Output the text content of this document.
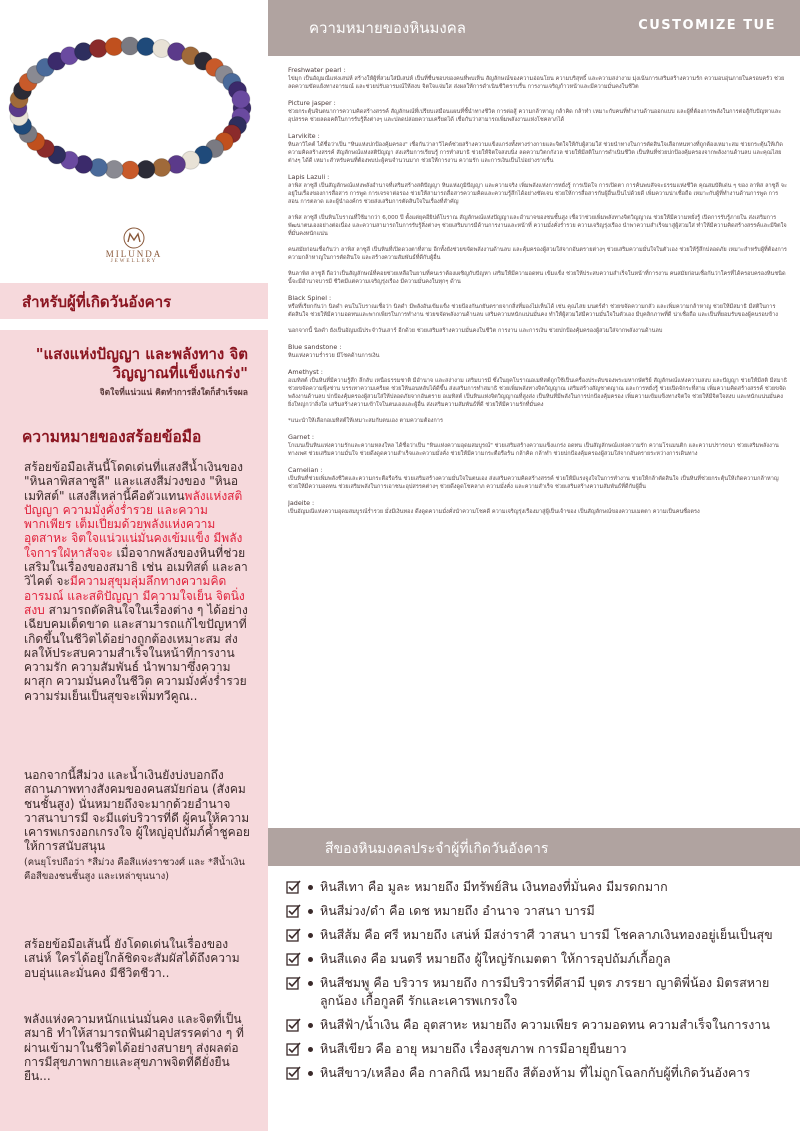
MILUNDA
JEWELLERY
สำหรับผู้ที่เกิดวันอังคาร
"แสงแห่งปัญญา และพลังทาง จิตวิญญาณที่แข็งแกร่ง"
จิตใจที่แน่วแน่ คิดทำการสิ่งใดก็สำเร็จผล
ความหมายของสร้อยข้อมือ
สร้อยข้อมือเส้นนี้โดดเด่นที่แสงสีน้ำเงินของ "หินลาพิสลาซูลี" และแสงสีม่วงของ "หินอเมทิสต์" แสงสีเหล่านี้คือตัวแทนพลังแห่งสติปัญญา ความมั่งคั่งร่ำรวย และความพากเพียร เต็มเปี่ยมด้วยพลังแห่งความอุตสาหะ จิตใจแน่วแน่มั่นคงเข้มแข็ง มีพลังใจการใฝ่หาสัจจะ เมื่อจากพลังของหินที่ช่วยเสริมในเรื่องของสมาธิ เช่น อเมทิสต์ และลาวิไคต์ จะมีความสุขุมลุ่มลึกทางความคิด อารมณ์ และสติปัญญา มีความใจเย็น จิตนิ่งสงบ สามารถตัดสินใจในเรื่องต่าง ๆ ได้อย่างเฉียบคมเด็ดขาด และสามารถแก้ไขปัญหาที่เกิดขึ้นในชีวิตได้อย่างถูกต้องเหมาะสม ส่งผลให้ประสบความสำเร็จในหน้าที่การงาน ความรัก ความสัมพันธ์ นำพามาซึ่งความผาสุก ความมั่นคงในชีวิต ความมั่งคั่งร่ำรวย ความร่มเย็นเป็นสุขจะเพิ่มทวีคูณ..
นอกจากนี้สีม่วง และน้ำเงินยังบ่งบอกถึงสถานภาพทางสังคมของคนสมัยก่อน (สังคมชนชั้นสูง) นั่นหมายถึงจะมากด้วยอำนาจ วาสนาบารมี จะมีแต่บริวารที่ดี ผู้คนให้ความเคารพเกรงอกเกรงใจ ผู้ใหญ่อุปถัมภ์ค้ำชูคอยให้การสนับสนุน
(คนยุโรปถือว่า *สีม่วง คือสีแห่งราชวงศ์ และ *สีน้ำเงิน คือสีของชนชั้นสูง และเหล่าขุนนาง)
สร้อยข้อมือเส้นนี้ ยังโดดเด่นในเรื่องของเสน่ห์ ใครได้อยู่ใกล้ชิดจะสัมผัสได้ถึงความอบอุ่นและมั่นคง มีชีวิตชีวา..
พลังแห่งความหนักแน่นมั่นคง และจิตที่เป็นสมาธิ ทำให้สามารถฟันฝ่าอุปสรรคต่าง ๆ ที่ผ่านเข้ามาในชีวิตได้อย่างสบายๆ ส่งผลต่อการมีสุขภาพกายและสุขภาพจิตที่ดียั่งยืนยืน...
ความหมายของหินมงคล	CUSTOMIZE TUE
Freshwater pearl :
ไข่มุก เป็นอัญมณีแห่งเสน่ห์ สร้างให้ผู้ที่สวมใส่มีเสน่ห์ เป็นที่ชื่นชอบของคนที่พบเห็น สัญลักษณ์ของความอ่อนโยน ความบริสุทธิ์ และความสง่างาม มุ่งเน้นการเสริมสร้างความรัก ความอบอุ่นภายในครอบครัว ช่วยลดความขัดแย้งทางอารมณ์ และช่วยปรับอารมณ์ให้สงบ จิตใจแจ่มใส ส่งผลให้การดำเนินชีวิตราบรื่น การงานเจริญก้าวหน้าและมีความมั่นคงในชีวิต
Picture jasper :
ช่วยกระตุ้นจินตนาการความคิดสร้างสรรค์ สัญลักษณ์ที่เปรียบเสมือนแผนที่ชี้นำทางชีวิต การต่อสู้ ความกล้าหาญ กล้าคิด กล้าทำ เหมาะกับคนที่ทำงานด้านออกแบบ และผู้ที่ต้องการพลังในการต่อสู้กับปัญหาและอุปสรรค ช่วยลดอคติในการรับรู้สิ่งต่างๆ และปลดปล่อยความเครียดได้ เชื่อกันว่าสามารถเพิ่มพลังงานแห่งโชคลาภได้
Larvikite :
หินลาวิไคต์ ได้ชื่อว่าเป็น "หินแห่งปกป้องคุ้มครอง" เชื่อกันว่าลาวิไคต์ช่วยสร้างความแข็งแกร่งทั้งทางร่างกายและจิตใจให้กับผู้สวมใส่ ช่วยนำทางในการตัดสินใจเลือกหนทางที่ถูกต้องเหมาะสม ช่วยกระตุ้นให้เกิดความคิดสร้างสรรค์ สัญลักษณ์แห่งสติปัญญา ส่งเสริมการเรียนรู้ การทำสมาธิ ช่วยให้จิตใจสงบนิ่ง ลดความวิตกกังวล ช่วยให้มีสติในการดำเนินชีวิต เป็นหินที่ช่วยปกป้องคุ้มครองจากพลังงานด้านลบ และคุณไสยต่างๆ ได้ดี เหมาะสำหรับคนที่ต้องพบปะผู้คนจำนวนมาก ช่วยให้การงาน ความรัก และการเงินเป็นไปอย่างราบรื่น
Lapis Lazuli :
ลาพิส ลาซูลี เป็นสัญลักษณ์แห่งพลังอำนาจที่เสริมสร้างสติปัญญา หินแห่งภูมิปัญญา และความจริง เพิ่มพลังแห่งการหยั่งรู้ การเปิดใจ การเปิดตา การค้นพบสัจจะธรรมแห่งชีวิต คุณสมบัติเด่น ๆ ของ ลาพิส ลาซูลี จะอยู่ในเรื่องของการสื่อสาร การพูด การเจรจาต่อรอง ช่วยให้สามารถสื่อสารความคิดและความรู้สึกได้อย่างชัดเจน ช่วยให้การสื่อสารกับผู้อื่นเป็นไปด้วยดี เพิ่มความน่าเชื่อถือ เหมาะกับผู้ที่ทำงานด้านการพูด การสอน การตลาด และผู้นำองค์กร ช่วยส่งเสริมการตัดสินใจในเรื่องที่สำคัญ
ลาพิส ลาซูลี เป็นหินโบราณที่ใช้มากว่า 6,000 ปี ตั้งแต่ยุคอียิปต์โบราณ สัญลักษณ์แห่งปัญญาและอำนาจของชนชั้นสูง เชื่อว่าช่วยเพิ่มพลังทางจิตวิญญาณ ช่วยให้มีความหยั่งรู้ เปิดการรับรู้ภายใน ส่งเสริมการพัฒนาตนเองอย่างต่อเนื่อง และความสามารถในการรับรู้สิ่งต่างๆ ช่วยเสริมบารมีด้านการงานและหน้าที่ ความมั่งคั่งร่ำรวย ความเจริญรุ่งเรือง นำพาความสำเร็จมาสู่ผู้สวมใส่ ทำให้มีความคิดสร้างสรรค์และมีจิตใจที่มั่นคงหนักแน่น
คนสมัยก่อนเชื่อกันว่า ลาพิส ลาซูลี เป็นหินที่เปิดดวงตาที่สาม อีกทั้งยังช่วยขจัดพลังงานด้านลบ และคุ้มครองผู้สวมใส่จากอันตรายต่างๆ ช่วยเสริมความมั่นใจในตัวเอง ช่วยให้รู้สึกปลอดภัย เหมาะสำหรับผู้ที่ต้องการความกล้าหาญในการตัดสินใจ และสร้างความสัมพันธ์ที่ดีกับผู้อื่น
หินลาพิส ลาซูลี ถือว่าเป็นสัญลักษณ์ที่คอยช่วยเหลือในยามที่คนเราต้องเผชิญกับปัญหา เสริมให้มีความอดทน เข้มแข็ง ช่วยให้ประสบความสำเร็จในหน้าที่การงาน คนสมัยก่อนเชื่อกันว่าใครที่ได้ครอบครองหินชนิดนี้จะมีอำนาจบารมี ชีวิตมีแต่ความเจริญรุ่งเรือง มีความมั่นคงในทุกๆ ด้าน
Black Spinel :
หรือที่เรียกกันว่า นิลดำ คนในโบราณเชื่อว่า นิลดำ มีพลังอันเข้มแข็ง ช่วยป้องกันภยันตรายจากสิ่งที่มองไม่เห็นได้ เช่น คุณไสย มนตร์ดำ ช่วยขจัดความกลัว และเพิ่มความกล้าหาญ ช่วยให้มีสมาธิ มีสติในการตัดสินใจ ช่วยให้มีความอดทนและพากเพียรในการทำงาน ช่วยขจัดพลังงานด้านลบ เสริมความหนักแน่นมั่นคง ทำให้ผู้สวมใส่มีความมั่นใจในตัวเอง มีบุคลิกภาพที่ดี น่าเชื่อถือ และเป็นที่ยอมรับของผู้คนรอบข้าง
นอกจากนี้ นิลดำ ยังเป็นอัญมณีประจำวันเสาร์ อีกด้วย ช่วยเสริมสร้างความมั่นคงในชีวิต การงาน และการเงิน ช่วยปกป้องคุ้มครองผู้สวมใส่จากพลังงานด้านลบ
Blue sandstone :
หินแห่งความร่ำรวย มีโชคด้านการเงิน
Amethyst :
อเมทิสต์ เป็นหินที่มีความรู้สึก ลึกลับ เหนือธรรมชาติ มีอำนาจ และสง่างาม เสริมบารมี ซึ่งในยุคโบราณอเมทิสต์ถูกใช้เป็นเครื่องประดับของพระมหากษัตริย์ สัญลักษณ์แห่งความสงบ และปัญญา ช่วยให้มีสติ มีสมาธิ ช่วยขจัดความฟุ้งซ่าน บรรเทาความเครียด ช่วยให้นอนหลับได้ดีขึ้น ส่งเสริมการทำสมาธิ ช่วยเพิ่มพลังทางจิตวิญญาณ เสริมสร้างสัญชาตญาณ และการหยั่งรู้ ช่วยเปิดจักระที่สาม เพิ่มความคิดสร้างสรรค์ ช่วยขจัดพลังงานด้านลบ ปกป้องคุ้มครองผู้สวมใส่ให้ปลอดภัยจากอันตราย อเมทิสต์ เป็นหินแห่งจิตวิญญาณที่สูงส่ง เป็นหินที่มีพลังในการปกป้องคุ้มครอง เพิ่มความเข้มแข็งทางจิตใจ ช่วยให้มีจิตใจสงบ และหนักแน่นมั่นคง ยิ่งใหญ่กว่าสิ่งใด เสริมสร้างความเข้าใจในตนเองและผู้อื่น ส่งเสริมความสัมพันธ์ที่ดี ช่วยให้มีความรักที่มั่นคง
*แนะนำให้เลือกอเมทิสต์ให้เหมาะสมกับตนเอง ตามความต้องการ
Garnet :
โกเมนเป็นหินแห่งความรักและความหลงใหล ได้ชื่อว่าเป็น "หินแห่งความอุดมสมบูรณ์" ช่วยเสริมสร้างความแข็งแกร่ง อดทน เป็นสัญลักษณ์แห่งความรัก ความโรแมนติก และความปรารถนา ช่วยเสริมพลังงานทางเพศ ช่วยเสริมความมั่นใจ ช่วยดึงดูดความสำเร็จและความมั่งคั่ง ช่วยให้มีความกระตือรือร้น กล้าคิด กล้าทำ ช่วยปกป้องคุ้มครองผู้สวมใส่จากอันตรายระหว่างการเดินทาง
Carnelian :
เป็นหินที่ช่วยเพิ่มพลังชีวิตและความกระตือรือร้น ช่วยเสริมสร้างความมั่นใจในตนเอง ส่งเสริมความคิดสร้างสรรค์ ช่วยให้มีแรงจูงใจในการทำงาน ช่วยให้กล้าตัดสินใจ เป็นหินที่ช่วยกระตุ้นให้เกิดความกล้าหาญ ช่วยให้มีความอดทน ช่วยเสริมพลังในการเอาชนะอุปสรรคต่างๆ ช่วยดึงดูดโชคลาภ ความมั่งคั่ง และความสำเร็จ ช่วยเสริมสร้างความสัมพันธ์ที่ดีกับผู้อื่น
Jadeite :
เป็นอัญมณีแห่งความอุดมสมบูรณ์ร่ำรวย มั่งมีเงินทอง ดึงดูดความมั่งคั่งนำความโชคดี ความเจริญรุ่งเรืองมาสู่ผู้เป็นเจ้าของ เป็นสัญลักษณ์ของความเมตตา ความเป็นคนซื่อตรง
สีของหินมงคลประจำผู้ที่เกิดวันอังคาร
หินสีเทา คือ มูละ หมายถึง มีทรัพย์สิน เงินทองที่มั่นคง มีมรดกมาก
หินสีม่วง/ดำ คือ เดช หมายถึง อำนาจ วาสนา บารมี
หินสีส้ม คือ ศรี หมายถึง เสน่ห์ มีสง่าราศี วาสนา บารมี โชคลาภเงินทองอยู่เย็นเป็นสุข
หินสีแดง คือ มนตรี หมายถึง ผู้ใหญ่รักเมตตา ให้การอุปถัมภ์เกื้อกูล
หินสีชมพู คือ บริวาร หมายถึง การมีบริวารที่ดีสามี บุตร ภรรยา ญาติพี่น้อง มิตรสหาย ลูกน้อง เกื้อกูลดี รักและเคารพเกรงใจ
หินสีฟ้า/น้ำเงิน คือ อุตสาหะ หมายถึง ความเพียร ความอดทน ความสำเร็จในการงาน
หินสีเขียว คือ อายุ หมายถึง เรื่องสุขภาพ การมีอายุยืนยาว
หินสีขาว/เหลือง คือ กาลกิณี หมายถึง สีต้องห้าม ที่ไม่ถูกโฉลกกับผู้ที่เกิดวันอังคาร
